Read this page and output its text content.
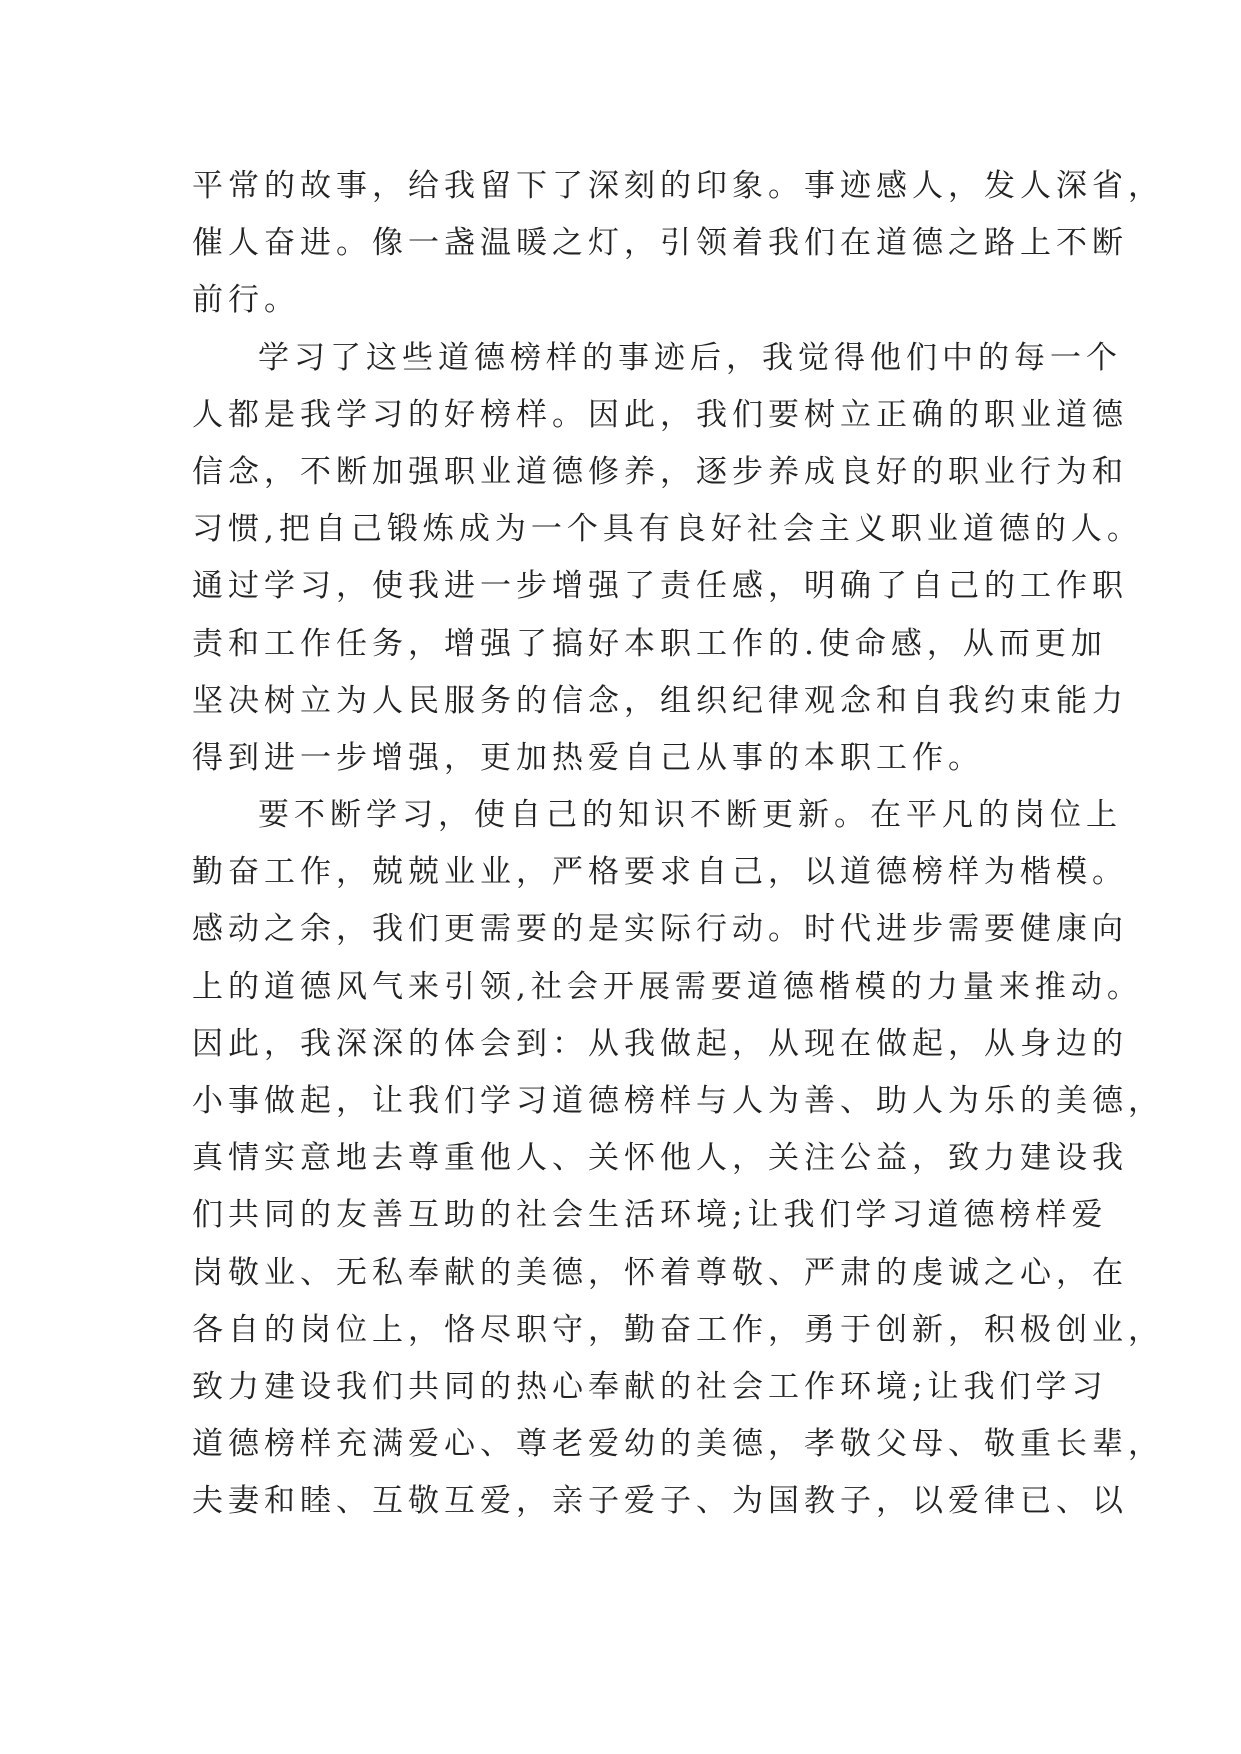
平常的故事，给我留下了深刻的印象。事迹感人，发人深省，
催人奋进。像一盏温暖之灯，引领着我们在道德之路上不断
前行。
学习了这些道德榜样的事迹后，我觉得他们中的每一个
人都是我学习的好榜样。因此，我们要树立正确的职业道德
信念，不断加强职业道德修养，逐步养成良好的职业行为和
习惯,把自己锻炼成为一个具有良好社会主义职业道德的人。
通过学习，使我进一步增强了责任感，明确了自己的工作职
责和工作任务，增强了搞好本职工作的.使命感，从而更加
坚决树立为人民服务的信念，组织纪律观念和自我约束能力
得到进一步增强，更加热爱自己从事的本职工作。
要不断学习，使自己的知识不断更新。在平凡的岗位上
勤奋工作，兢兢业业，严格要求自己，以道德榜样为楷模。
感动之余，我们更需要的是实际行动。时代进步需要健康向
上的道德风气来引领,社会开展需要道德楷模的力量来推动。
因此，我深深的体会到：从我做起，从现在做起，从身边的
小事做起，让我们学习道德榜样与人为善、助人为乐的美德，
真情实意地去尊重他人、关怀他人，关注公益，致力建设我
们共同的友善互助的社会生活环境;让我们学习道德榜样爱
岗敬业、无私奉献的美德，怀着尊敬、严肃的虔诚之心，在
各自的岗位上，恪尽职守，勤奋工作，勇于创新，积极创业，
致力建设我们共同的热心奉献的社会工作环境;让我们学习
道德榜样充满爱心、尊老爱幼的美德，孝敬父母、敬重长辈，
夫妻和睦、互敬互爱，亲子爱子、为国教子，以爱律已、以
